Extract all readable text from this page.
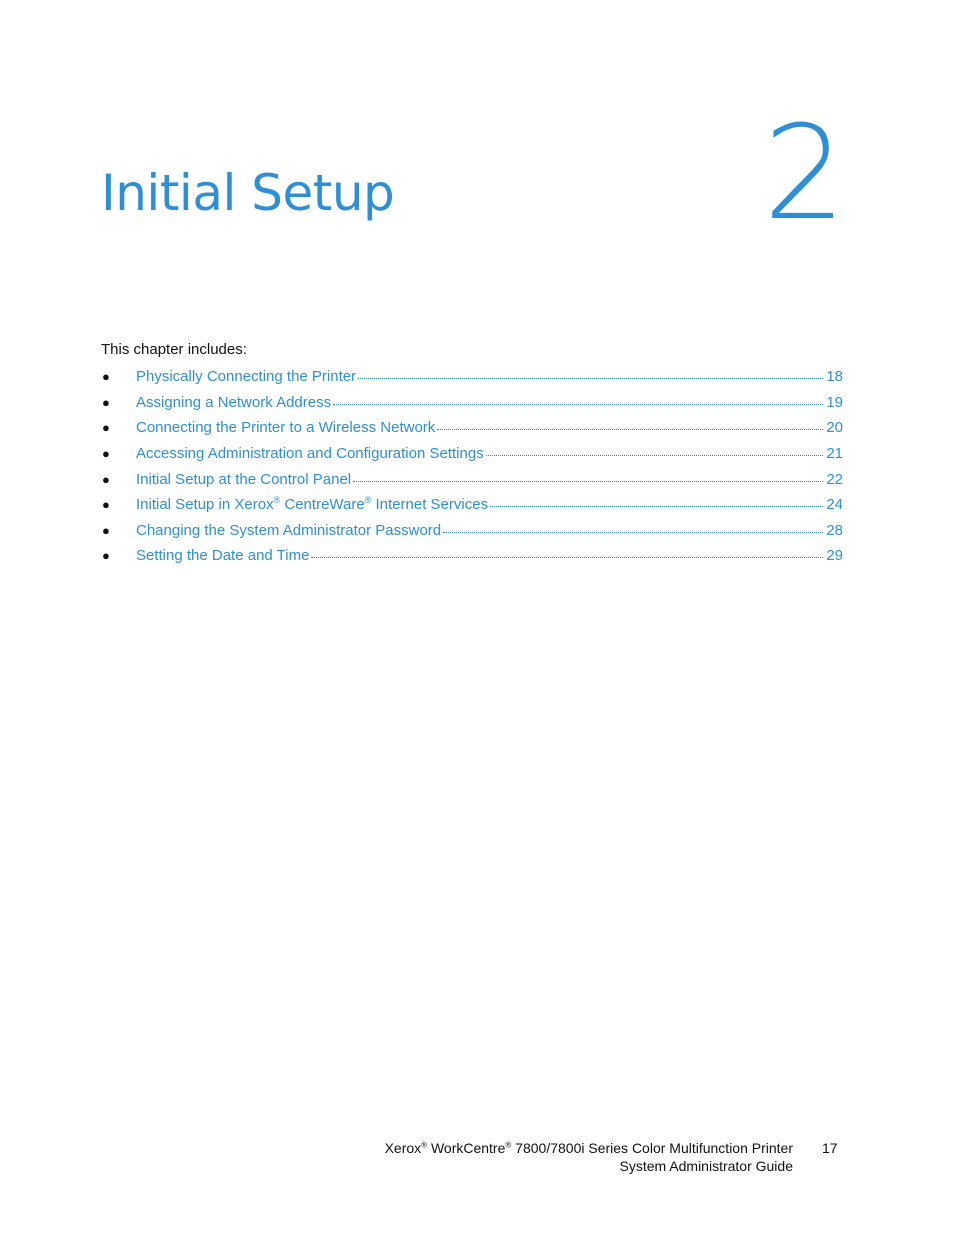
Initial Setup	2
This chapter includes:
●	Physically Connecting the Printer	18
●	Assigning a Network Address	19
●	Connecting the Printer to a Wireless Network	20
●	Accessing Administration and Configuration Settings	21
●	Initial Setup at the Control Panel	22
●	Initial Setup in Xerox® CentreWare® Internet Services	24
●	Changing the System Administrator Password	28
●	Setting the Date and Time	29
Xerox® WorkCentre® 7800/7800i Series Color Multifunction Printer
System Administrator Guide
17
